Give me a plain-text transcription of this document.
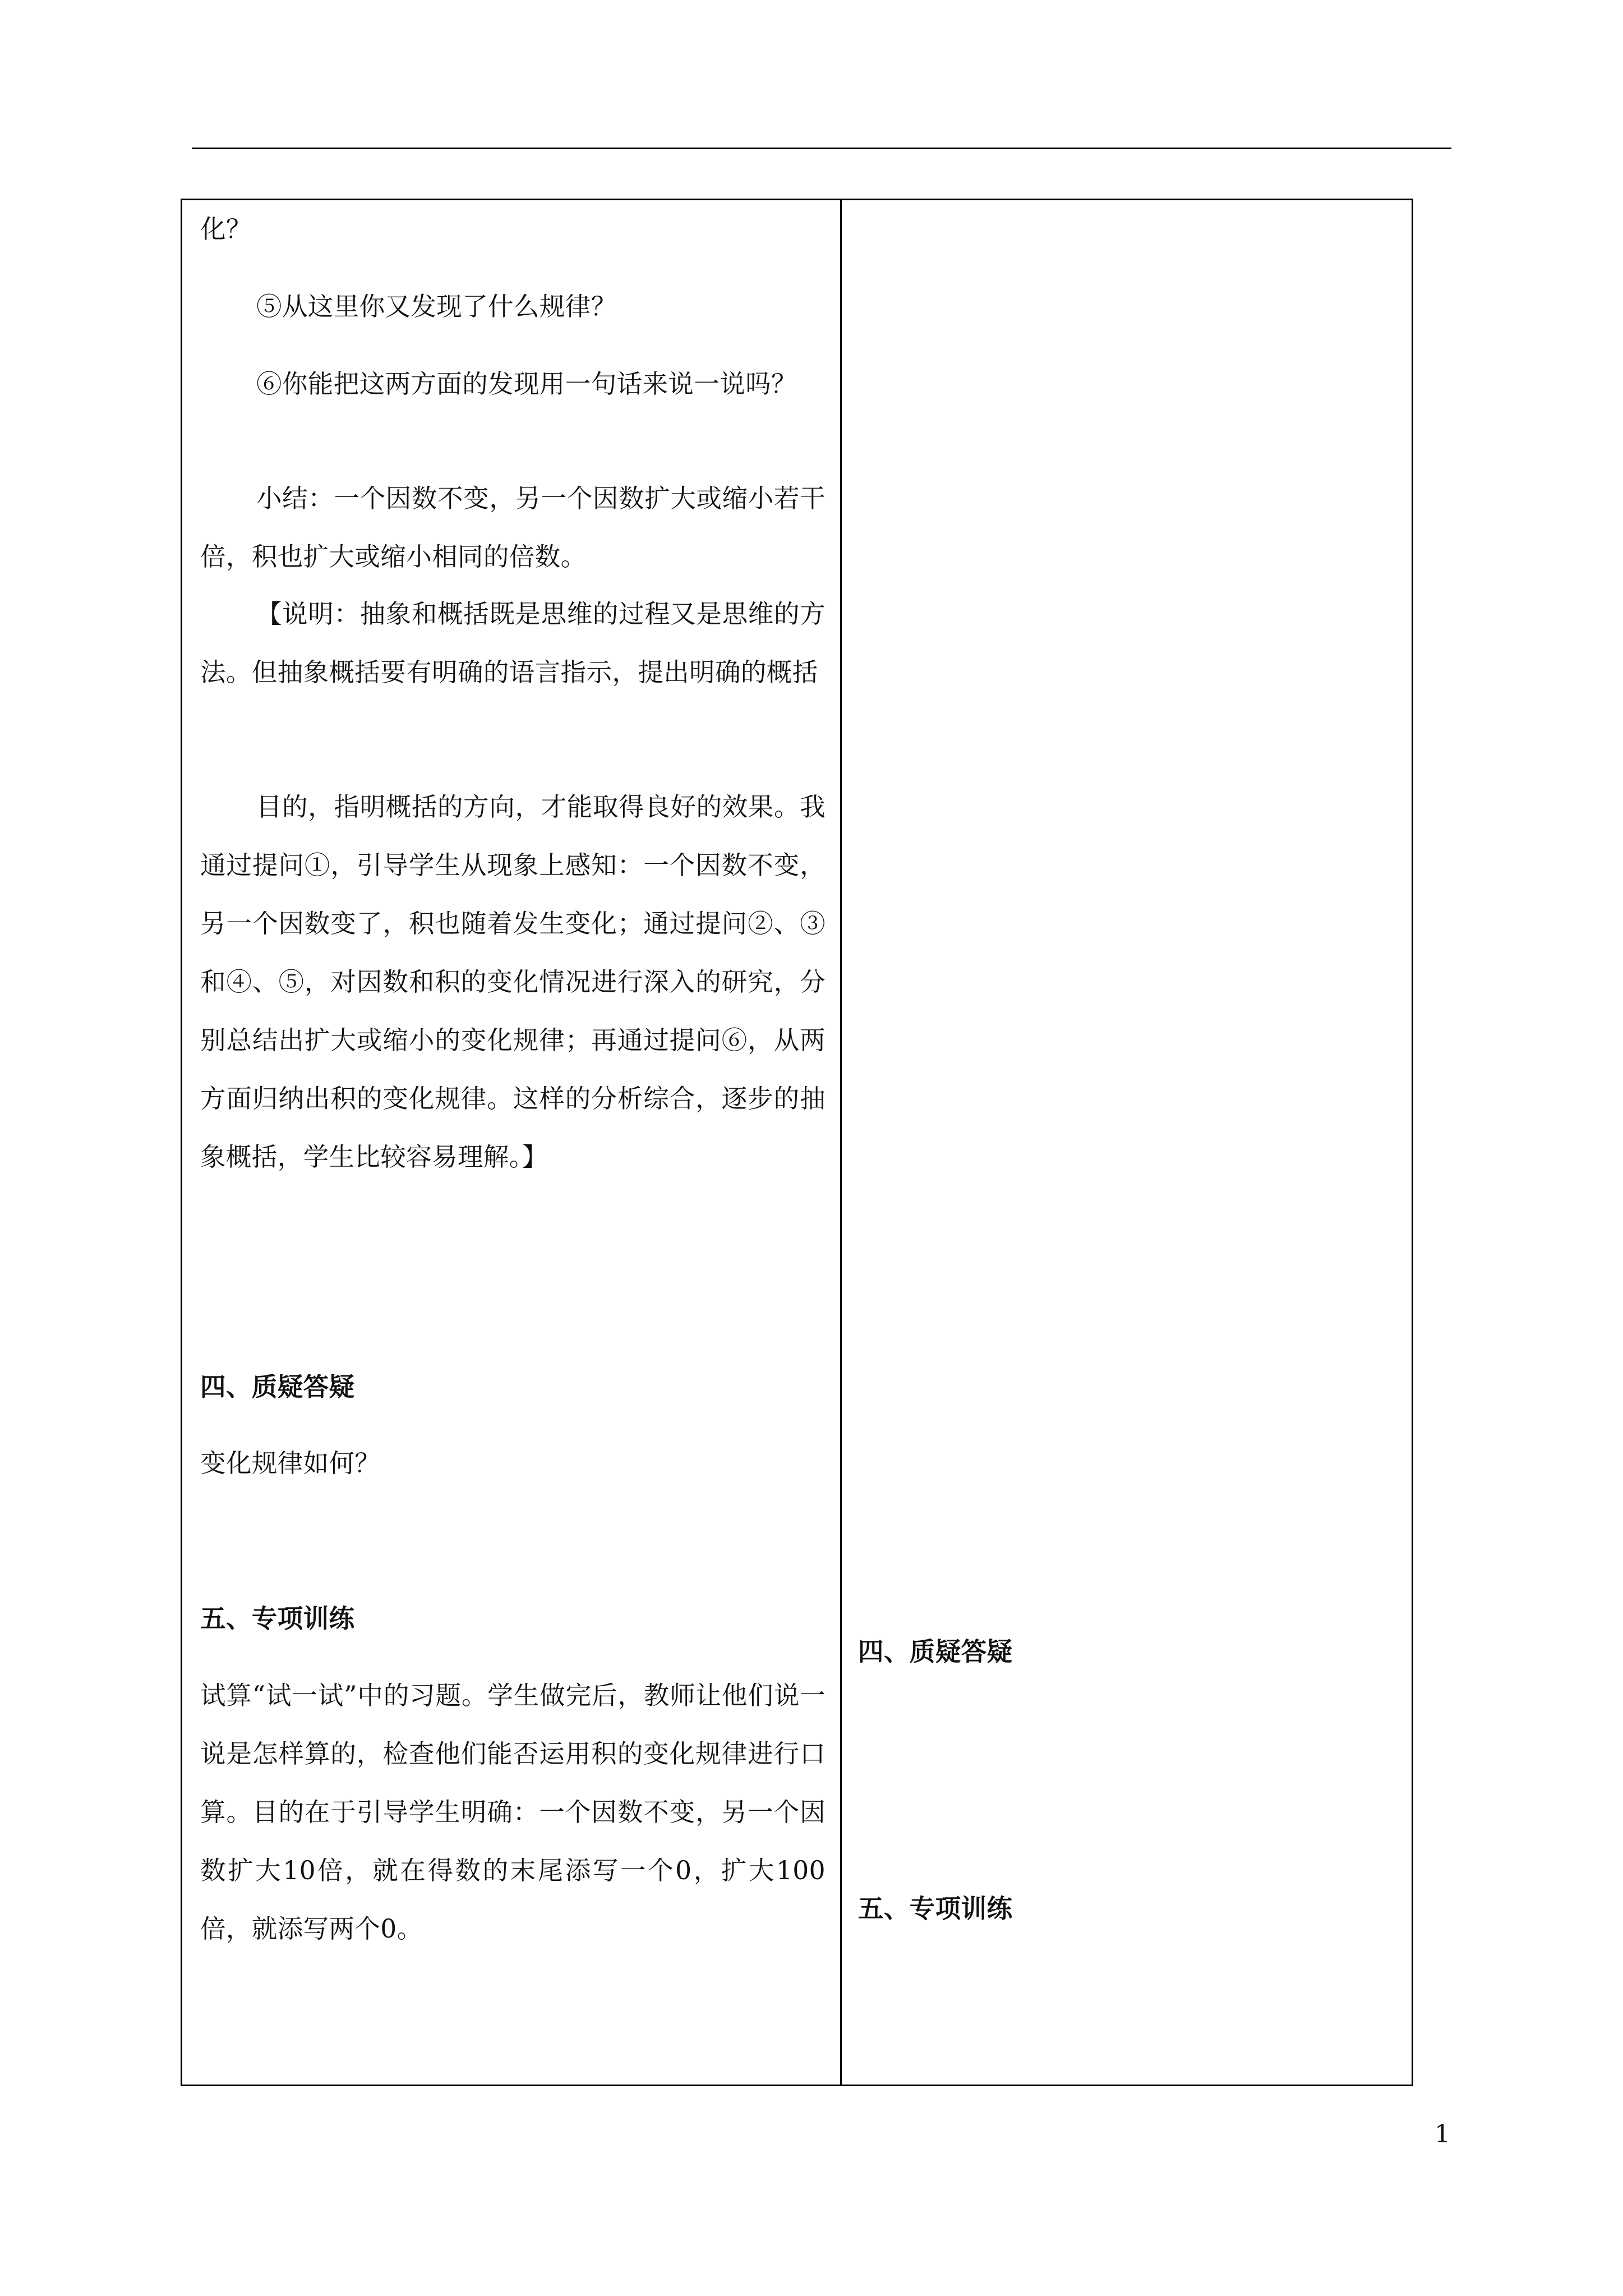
化？

⑤从这里你又发现了什么规律？

⑥你能把这两方面的发现用一句话来说一说吗？

小结：一个因数不变，另一个因数扩大或缩小若干倍，积也扩大或缩小相同的倍数。

【说明：抽象和概括既是思维的过程又是思维的方法。但抽象概括要有明确的语言指示，提出明确的概括

目的，指明概括的方向，才能取得良好的效果。我通过提问①，引导学生从现象上感知：一个因数不变，另一个因数变了，积也随着发生变化；通过提问②、③和④、⑤，对因数和积的变化情况进行深入的研究，分别总结出扩大或缩小的变化规律；再通过提问⑥，从两方面归纳出积的变化规律。这样的分析综合，逐步的抽象概括，学生比较容易理解。】

四、质疑答疑

变化规律如何？

五、专项训练

试算“试一试”中的习题。学生做完后，教师让他们说一说是怎样算的，检查他们能否运用积的变化规律进行口算。目的在于引导学生明确：一个因数不变，另一个因数扩大10倍，就在得数的末尾添写一个0，扩大100倍，就添写两个0。

四、质疑答疑

五、专项训练

1
